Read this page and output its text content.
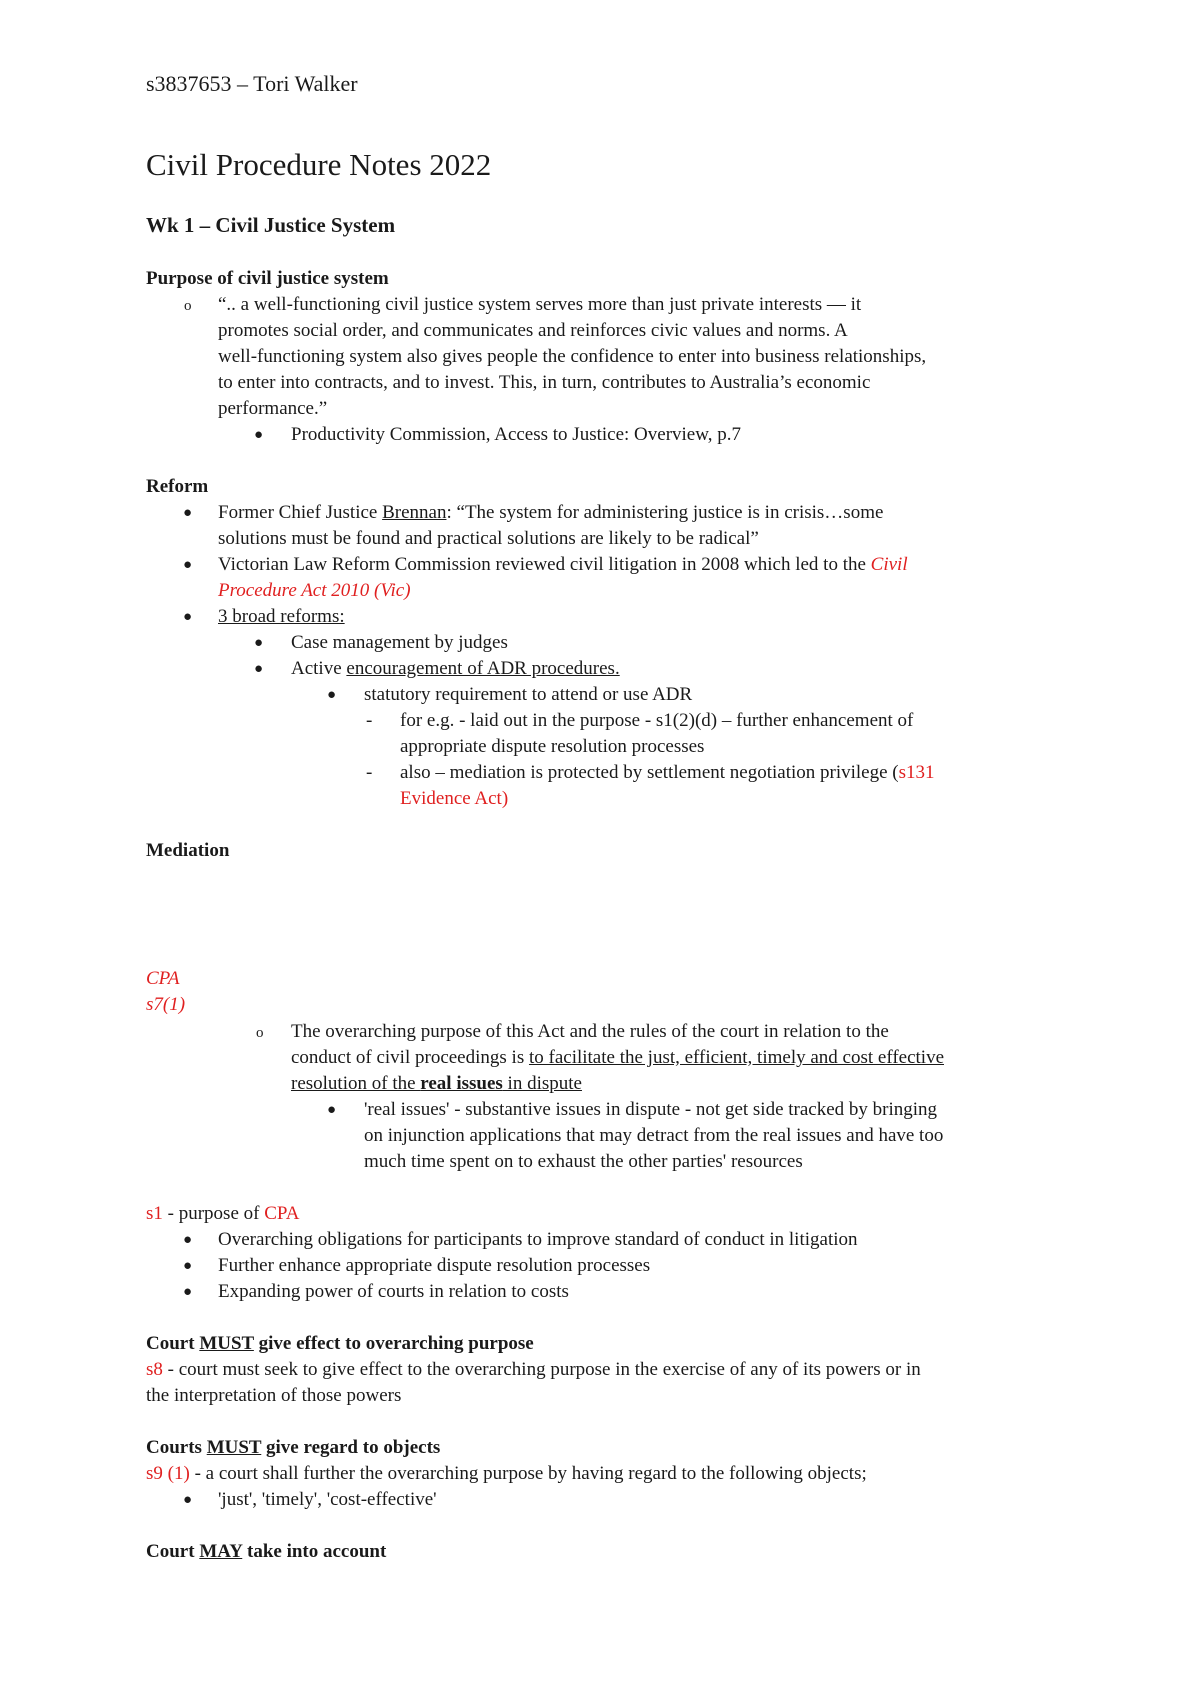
s3837653 – Tori Walker
Civil Procedure Notes 2022
Wk 1 – Civil Justice System
Purpose of civil justice system
o “.. a well-functioning civil justice system serves more than just private interests — it
promotes social order, and communicates and reinforces civic values and norms. A
well-functioning system also gives people the confidence to enter into business relationships,
to enter into contracts, and to invest. This, in turn, contributes to Australia’s economic
performance.”
● Productivity Commission, Access to Justice: Overview, p.7
Reform
● Former Chief Justice Brennan: “The system for administering justice is in crisis…some
solutions must be found and practical solutions are likely to be radical”
● Victorian Law Reform Commission reviewed civil litigation in 2008 which led to the Civil
Procedure Act 2010 (Vic)
● 3 broad reforms:
● Case management by judges
● Active encouragement of ADR procedures.
● statutory requirement to attend or use ADR
- for e.g. - laid out in the purpose - s1(2)(d) – further enhancement of
appropriate dispute resolution processes
- also – mediation is protected by settlement negotiation privilege (s131
Evidence Act)
Mediation
CPA
s7(1)
o The overarching purpose of this Act and the rules of the court in relation to the
conduct of civil proceedings is to facilitate the just, efficient, timely and cost effective
resolution of the real issues in dispute
● 'real issues' - substantive issues in dispute - not get side tracked by bringing
on injunction applications that may detract from the real issues and have too
much time spent on to exhaust the other parties' resources
s1 - purpose of CPA
● Overarching obligations for participants to improve standard of conduct in litigation
● Further enhance appropriate dispute resolution processes
● Expanding power of courts in relation to costs
Court MUST give effect to overarching purpose
s8 - court must seek to give effect to the overarching purpose in the exercise of any of its powers or in
the interpretation of those powers
Courts MUST give regard to objects
s9 (1) - a court shall further the overarching purpose by having regard to the following objects;
● 'just', 'timely', 'cost-effective'
Court MAY take into account
